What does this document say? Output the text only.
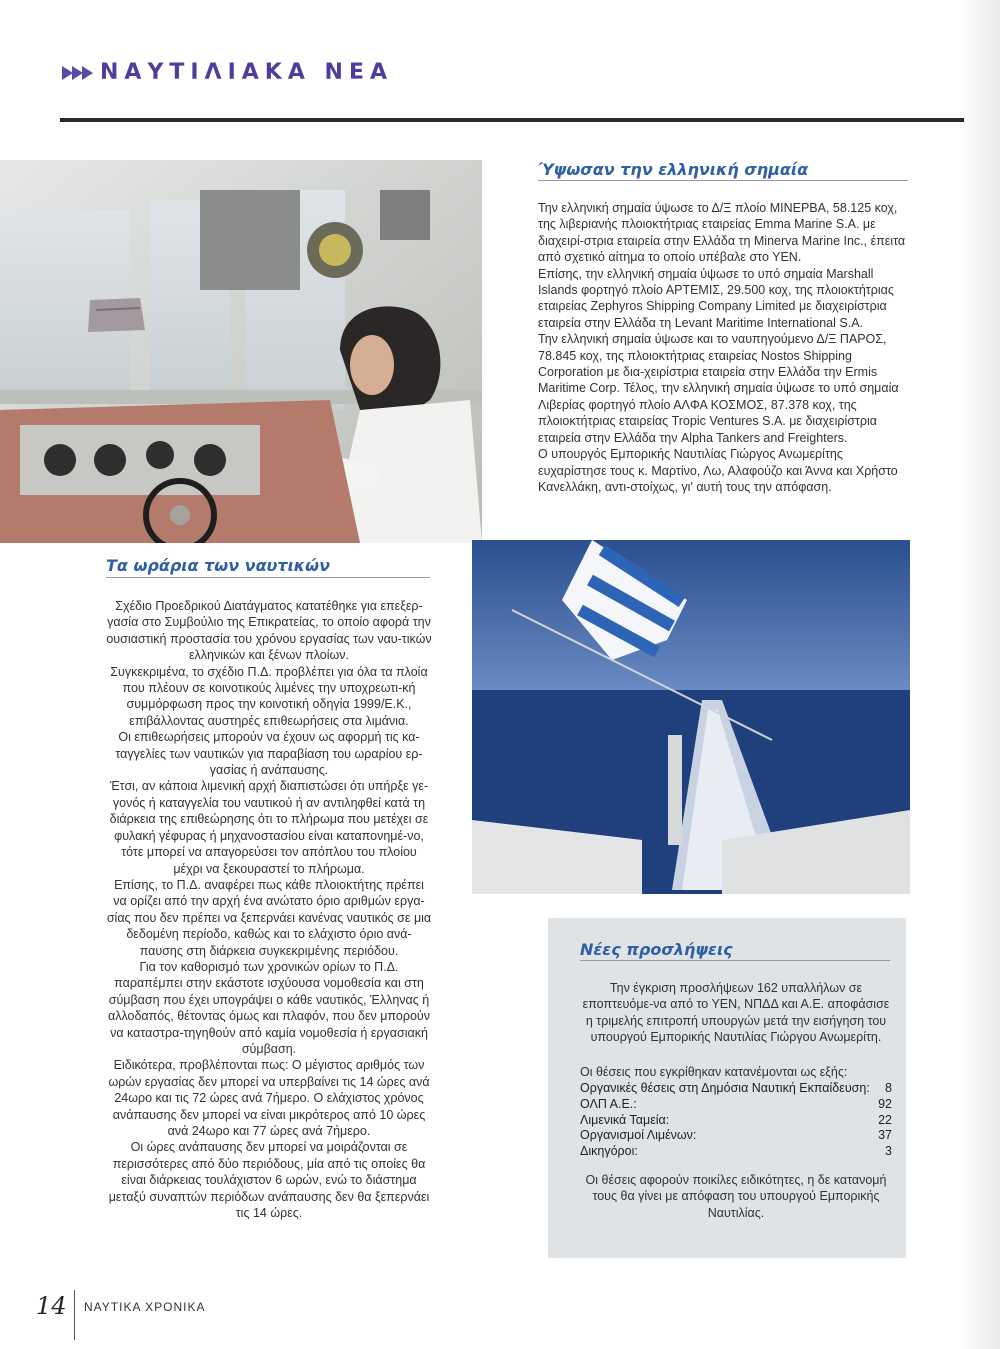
ΝΑΥΤΙΛΙΑΚΑ ΝΕΑ
Ύψωσαν την ελληνική σημαία

Την ελληνική σημαία ύψωσε το Δ/Ξ πλοίο ΜΙΝΕΡΒΑ, 58.125 κοχ, της λιβεριανής πλοιοκτήτριας εταιρείας Emma Marine S.A. με διαχειρί-στρια εταιρεία στην Ελλάδα τη Minerva Marine Inc., έπειτα από σχετικό αίτημα το οποίο υπέβαλε στο ΥΕΝ.

Επίσης, την ελληνική σημαία ύψωσε το υπό σημαία Marshall Islands φορτηγό πλοίο ΑΡΤΕΜΙΣ, 29.500 κοχ, της πλοιοκτήτριας εταιρείας Zephyros Shipping Company Limited με διαχειρίστρια εταιρεία στην Ελλάδα τη Levant Maritime International S.A.

Την ελληνική σημαία ύψωσε και το ναυπηγούμενο Δ/Ξ ΠΑΡΟΣ, 78.845 κοχ, της πλοιοκτήτριας εταιρείας Nostos Shipping Corporation με δια-χειρίστρια εταιρεία στην Ελλάδα την Ermis Maritime Corp. Τέλος, την ελληνική σημαία ύψωσε το υπό σημαία Λιβερίας φορτηγό πλοίο ΑΛΦΑ ΚΟΣΜΟΣ, 87.378 κοχ, της πλοιοκτήτριας εταιρείας Tropic Ventures S.A. με διαχειρίστρια εταιρεία στην Ελλάδα την Alpha Tankers and Freighters.

Ο υπουργός Εμπορικής Ναυτιλίας Γιώργος Ανωμερίτης ευχαρίστησε τους κ. Μαρτίνο, Λω, Αλαφούζο και Άννα και Χρήστο Κανελλάκη, αντι-στοίχως, γι' αυτή τους την απόφαση.

Τα ωράρια των ναυτικών

Σχέδιο Προεδρικού Διατάγματος κατατέθηκε για επεξερ-γασία στο Συμβούλιο της Επικρατείας, το οποίο αφορά την ουσιαστική προστασία του χρόνου εργασίας των ναυ-τικών ελληνικών και ξένων πλοίων.

Συγκεκριμένα, το σχέδιο Π.Δ. προβλέπει για όλα τα πλοία που πλέουν σε κοινοτικούς λιμένες την υποχρεωτι-κή συμμόρφωση προς την κοινοτική οδηγία 1999/Ε.Κ., επιβάλλοντας αυστηρές επιθεωρήσεις στα λιμάνια.

Οι επιθεωρήσεις μπορούν να έχουν ως αφορμή τις κα-ταγγελίες των ναυτικών για παραβίαση του ωραρίου ερ-γασίας ή ανάπαυσης.

Έτσι, αν κάποια λιμενική αρχή διαπιστώσει ότι υπήρξε γε-γονός ή καταγγελία του ναυτικού ή αν αντιληφθεί κατά τη διάρκεια της επιθεώρησης ότι το πλήρωμα που μετέχει σε φυλακή γέφυρας ή μηχανοστασίου είναι καταπονημέ-νο, τότε μπορεί να απαγορεύσει τον απόπλου του πλοίου μέχρι να ξεκουραστεί το πλήρωμα.

Επίσης, το Π.Δ. αναφέρει πως κάθε πλοιοκτήτης πρέπει να ορίζει από την αρχή ένα ανώτατο όριο αριθμών εργα-σίας που δεν πρέπει να ξεπερνάει κανένας ναυτικός σε μια δεδομένη περίοδο, καθώς και το ελάχιστο όριο ανά-παυσης στη διάρκεια συγκεκριμένης περιόδου.

Για τον καθορισμό των χρονικών ορίων το Π.Δ. παραπέμπει στην εκάστοτε ισχύουσα νομοθεσία και στη σύμβαση που έχει υπογράψει ο κάθε ναυτικός, Έλληνας ή αλλοδαπός, θέτοντας όμως και πλαφόν, που δεν μπορούν να καταστρα-τηγηθούν από καμία νομοθεσία ή εργασιακή σύμβαση.

Ειδικότερα, προβλέπονται πως: Ο μέγιστος αριθμός των ωρών εργασίας δεν μπορεί να υπερβαίνει τις 14 ώρες ανά 24ωρο και τις 72 ώρες ανά 7ήμερο. Ο ελάχιστος χρόνος ανάπαυσης δεν μπορεί να είναι μικρότερος από 10 ώρες ανά 24ωρο και 77 ώρες ανά 7ήμερο.

Οι ώρες ανάπαυσης δεν μπορεί να μοιράζονται σε περισσότερες από δύο περιόδους, μία από τις οποίες θα είναι διάρκειας τουλάχιστον 6 ωρών, ενώ το διάστημα μεταξύ συναπτών περιόδων ανάπαυσης δεν θα ξεπερνάει τις 14 ώρες.

Νέες προσλήψεις
Την έγκριση προσλήψεων 162 υπαλλήλων σε εποπτευόμε-να από το ΥΕΝ, ΝΠΔΔ και Α.Ε. αποφάσισε η τριμελής επιτροπή υπουργών μετά την εισήγηση του υπουργού Εμπορικής Ναυτιλίας Γιώργου Ανωμερίτη.
Οι θέσεις που εγκρίθηκαν κατανέμονται ως εξής:
Οργανικές θέσεις στη Δημόσια Ναυτική Εκπαίδευση: 8
ΟΛΠ Α.Ε.:	92
Λιμενικά Ταμεία:	22
Οργανισμοί Λιμένων:	37
Δικηγόροι:	3
Οι θέσεις αφορούν ποικίλες ειδικότητες, η δε κατανομή τους θα γίνει με απόφαση του υπουργού Εμπορικής Ναυτιλίας.
14 ΝΑΥΤΙΚΑ ΧΡΟΝΙΚΑ
